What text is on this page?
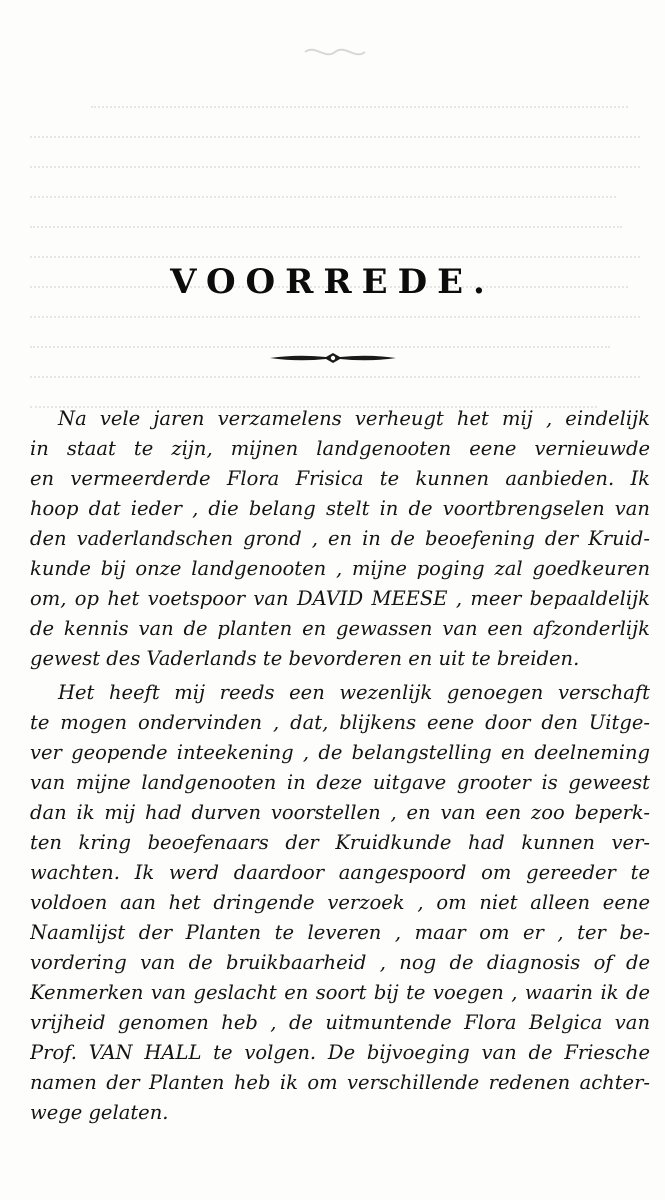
VOORREDE.
Na vele jaren verzamelens verheugt het mij , eindelijk
in staat te zijn, mijnen landgenooten eene vernieuwde
en vermeerderde Flora Frisica te kunnen aanbieden. Ik
hoop dat ieder , die belang stelt in de voortbrengselen van
den vaderlandschen grond , en in de beoefening der Kruid-
kunde bij onze landgenooten , mijne poging zal goedkeuren
om, op het voetspoor van DAVID MEESE , meer bepaaldelijk
de kennis van de planten en gewassen van een afzonderlijk
gewest des Vaderlands te bevorderen en uit te breiden.
Het heeft mij reeds een wezenlijk genoegen verschaft
te mogen ondervinden , dat, blijkens eene door den Uitge-
ver geopende inteekening , de belangstelling en deelneming
van mijne landgenooten in deze uitgave grooter is geweest
dan ik mij had durven voorstellen , en van een zoo beperk-
ten kring beoefenaars der Kruidkunde had kunnen ver-
wachten. Ik werd daardoor aangespoord om gereeder te
voldoen aan het dringende verzoek , om niet alleen eene
Naamlijst der Planten te leveren , maar om er , ter be-
vordering van de bruikbaarheid , nog de diagnosis of de
Kenmerken van geslacht en soort bij te voegen , waarin ik de
vrijheid genomen heb , de uitmuntende Flora Belgica van
Prof. VAN HALL te volgen. De bijvoeging van de Friesche
namen der Planten heb ik om verschillende redenen achter-
wege gelaten.
